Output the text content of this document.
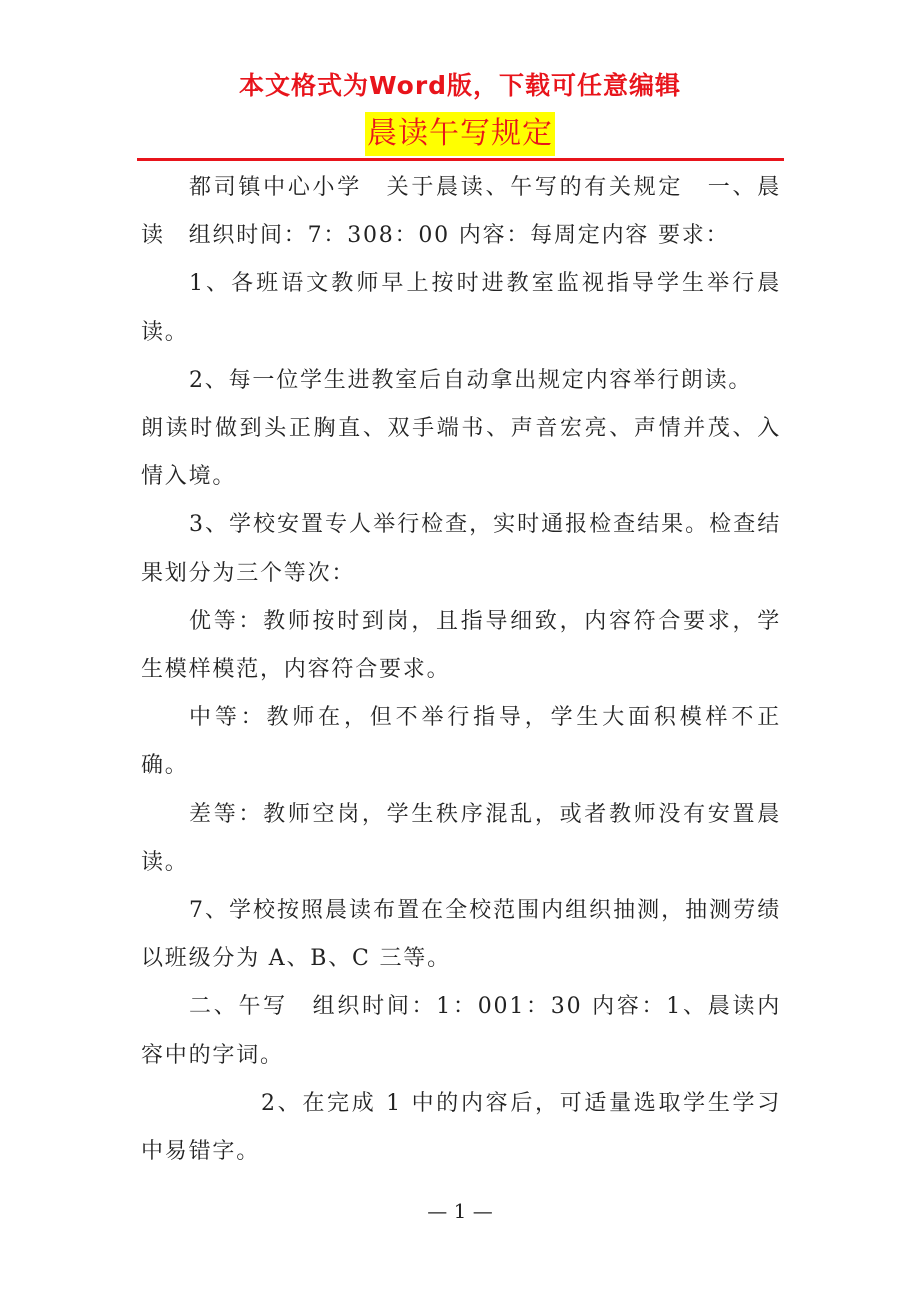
本文格式为Word版，下载可任意编辑
晨读午写规定

都司镇中心小学　关于晨读、午写的有关规定　一、晨读　组织时间：7：308：00 内容：每周定内容 要求：

1、各班语文教师早上按时进教室监视指导学生举行晨读。

2、每一位学生进教室后自动拿出规定内容举行朗读。

朗读时做到头正胸直、双手端书、声音宏亮、声情并茂、入情入境。

3、学校安置专人举行检查，实时通报检查结果。检查结果划分为三个等次：

优等：教师按时到岗，且指导细致，内容符合要求，学生模样模范，内容符合要求。

中等：教师在，但不举行指导，学生大面积模样不正确。

差等：教师空岗，学生秩序混乱，或者教师没有安置晨读。

7、学校按照晨读布置在全校范围内组织抽测，抽测劳绩以班级分为 A、B、C 三等。

二、午写　组织时间：1：001：30 内容：1、晨读内容中的字词。

2、在完成 1 中的内容后，可适量选取学生学习中易错字。

— 1 —
